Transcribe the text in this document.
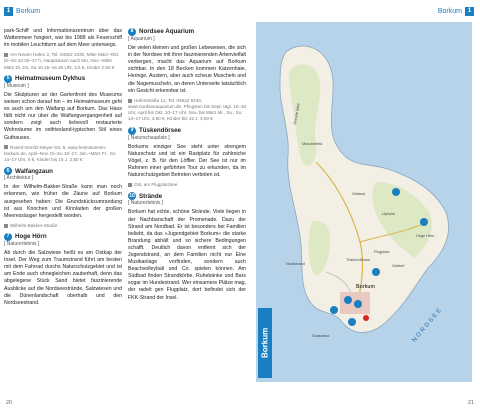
1 Borkum	Borkum 1

park-Schiff und Informationszentrum über das Wattenmeer fungiert, war bis 1988 als Feuerschiff im mobilen Leuchtturm auf dem Meer unterwegs.

Am Neuen Hafen 2, Tel. 04922 2030, Mitte März–Okt. Di–So 10.30–17 h, Hauptsaison auch Mo, Nov.–Mitte März Di, Do, Sa 10.45–16.45 Uhr, 3,5 €, Kinder 2,50 €

5 Heimatmuseum Dykhus
[ Museum ]

Die Skulpturen an der Gartenfront des Museums weisen schon darauf hin – im Heimatmuseum geht es auch um den Walfang auf Borkum. Das Haus fällt nicht nur über die Walfangvergangenheit auf sondern zeigt auch liebevoll restaurierte Wohnräume im ostfriesland-typischen Stil eines Guthauses.

Roelof-Gerritz-Meyer-Str. 9, www.heimatverein-borkum.de, April–Nov. Di–So 10–17, Jan.–März Fr., So 14–17 Uhr, 5 €, Kinder bis 15 J. 2,50 €

6 Walfangzaun
[ Architektur ]

In der Wilhelm-Bakker-Straße kann man noch erkennen, wie früher die Zäune auf Borkum ausgesehen haben: Die Grundstücksumrandung ist aus Knochen und Kinnladen der großen Meeressäuger hergestellt worden.

Wilhelm-Bakker-Straße

7 Hoge Hörn
[ Naturerlebnis ]

Ab durch die Salzwiese heißt es am Ostkap der Insel. Der Weg zum Traumstrand führt am besten mit dem Fahrrad durchs Naturschutzgebiet und ist am Ende auch ohnegleichen zauberhaft, denn das abgelegene Stück Sand bietet faszinierende Ausblicke auf die Nordseestrände, Salzwiesen und die Dünenlandschaft oberhalb und den Nordseestrand.

8 Nordsee Aquarium
[ Aquarium ]

Die vielen kleinen und großen Lebewesen, die sich in der Nordsee mit ihrer faszinierenden Artenvielfalt verbergen, macht das Aquarium auf Borkum sichtbar. In den 18 Becken kommen Katzenhaie, Heringe, Austern, aber auch scheue Muscheln und die Nagemuscheln, an deren Unterseite tatsächlich ein Gesicht erkennbar ist.

Hafenstraße 14, Tel. 04922 9240, www.nordseeaquarium.de. Pfingsten bis Sept. tägl. 10–18 Uhr, April bis Okt. 10–17 Uhr, Nov. bis März Mi., Sa., So. 14–17 Uhr, 4,50 €, Kinder bis 15 J. 3,00 €

9 Tüskendörsee
[ Naturschauplatz ]

Borkums einziger See steht unter strengem Naturschutz und ist ein Rastplatz für zahlreiche Vögel, z. B. für den Löffler. Der See ist nur im Rahmen einer geführten Tour zu erkunden, da im Naturschutzgebiet Betreten verboten ist.

Ost, am Flugplatzsee

10 Strände
[ Naturerlebnis ]

Borkum hat echte, schöne Strände. Viele liegen in der Nachbarschaft der Promenade. Dazu der Strand am Nordbad. Er ist besonders bei Familien beliebt, da das »Jugendgebiet Borkum« die starke Brandung abhält und so sichere Bedingungen schafft. Deutlich davon entfernt sich der Jugendstrand, an dem Familien nicht nur Eine Musikanlage vorfinden, sondern auch Beachvolleyball und Co. spielen können. Am Südbad finden Strandkörbe, Ruhebänke und Bars sogar im Hundestrand. Wer einsamere Plätze mag, der radelt gen Flugplatz, dort befindet sich der FKK-Strand der Insel.

Greune Stee
Muschelfeld
Ostland
Upholm
Hoge Hörn
Flugplatz
Ostdorf
Borkum
Tüskendörsee
Südstrand
Nordstrand
NORDSEE
Borkum
20	21
